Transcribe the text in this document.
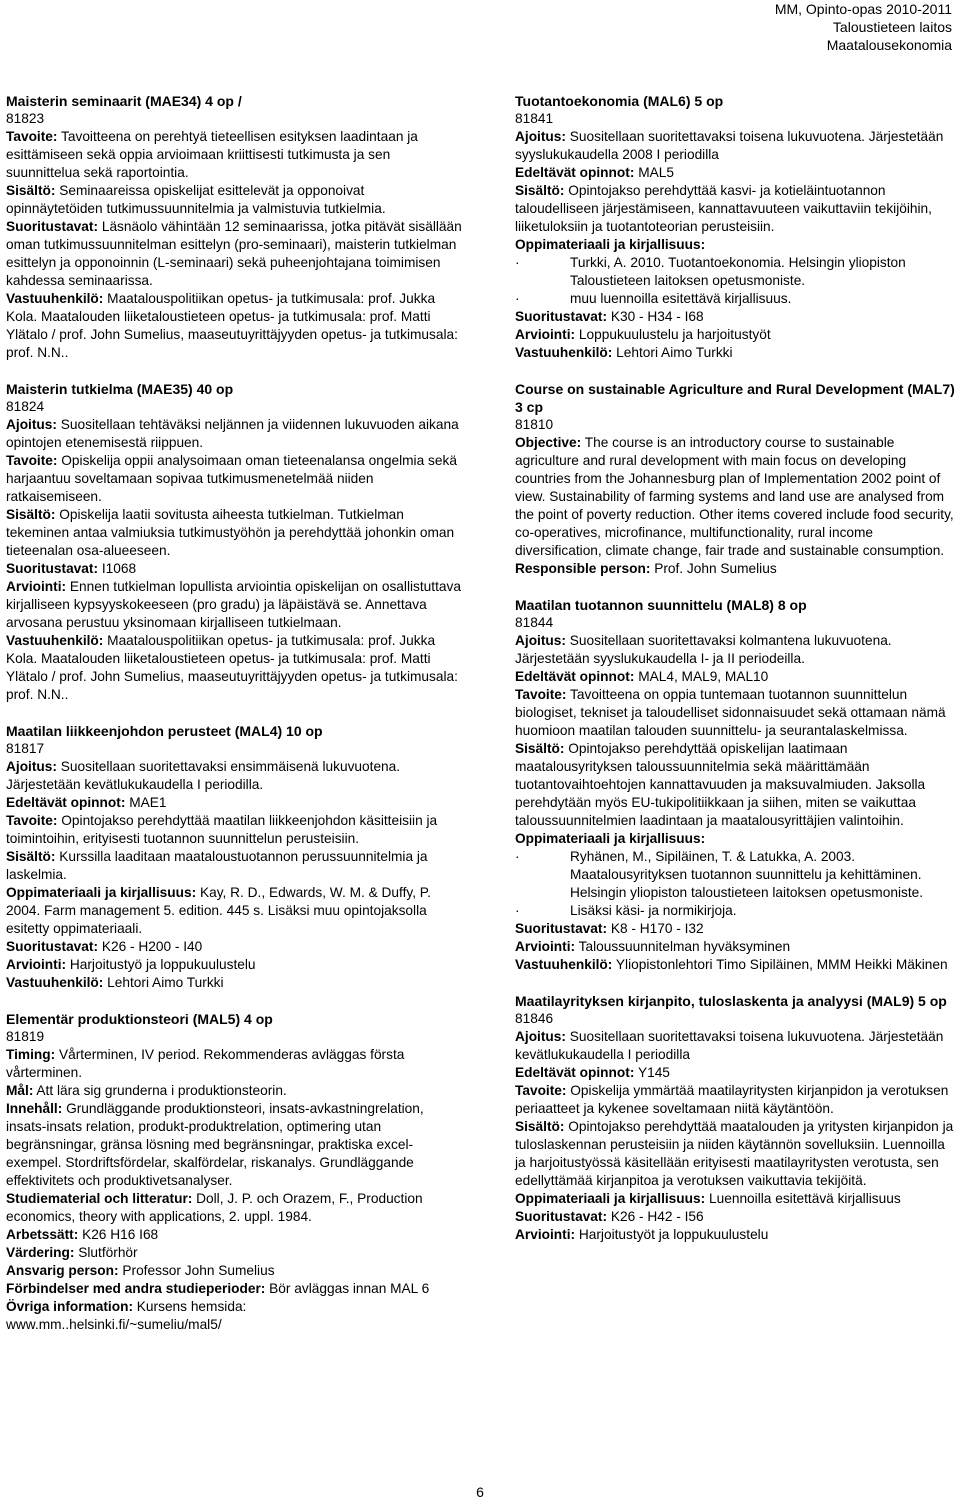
MM, Opinto-opas 2010-2011

Taloustieteen laitos

Maatalousekonomia

Maisterin seminaarit (MAE34) 4 op /

81823

Tavoite: Tavoitteena on perehtyä tieteellisen esityksen laadintaan ja esittämiseen sekä oppia arvioimaan kriittisesti tutkimusta ja sen suunnittelua sekä raportointia.

Sisältö: Seminaareissa opiskelijat esittelevät ja opponoivat opinnäytetöiden tutkimussuunnitelmia ja valmistuvia tutkielmia.

Suoritustavat: Läsnäolo vähintään 12 seminaarissa, jotka pitävät sisällään oman tutkimussuunnitelman esittelyn (pro-seminaari), maisterin tutkielman esittelyn ja opponoinnin (L-seminaari) sekä puheenjohtajana toimimisen kahdessa seminaarissa.

Vastuuhenkilö: Maatalouspolitiikan opetus- ja tutkimusala: prof. Jukka Kola. Maatalouden liiketaloustieteen opetus- ja tutkimusala: prof. Matti Ylätalo / prof. John Sumelius, maaseutuyrittäjyyden opetus- ja tutkimusala: prof. N.N..

Maisterin tutkielma (MAE35) 40 op

81824

Ajoitus: Suositellaan tehtäväksi neljännen ja viidennen lukuvuoden aikana opintojen etenemisestä riippuen.

Tavoite: Opiskelija oppii analysoimaan oman tieteenalansa ongelmia sekä harjaantuu soveltamaan sopivaa tutkimusmenetelmää niiden ratkaisemiseen.

Sisältö: Opiskelija laatii sovitusta aiheesta tutkielman. Tutkielman tekeminen antaa valmiuksia tutkimustyöhön ja perehdyttää johonkin oman tieteenalan osa-alueeseen.

Suoritustavat: I1068

Arviointi: Ennen tutkielman lopullista arviointia opiskelijan on osallistuttava kirjalliseen kypsyyskokeeseen (pro gradu) ja läpäistävä se. Annettava arvosana perustuu yksinomaan kirjalliseen tutkielmaan.

Vastuuhenkilö: Maatalouspolitiikan opetus- ja tutkimusala: prof. Jukka Kola. Maatalouden liiketaloustieteen opetus- ja tutkimusala: prof. Matti Ylätalo / prof. John Sumelius, maaseutuyrittäjyyden opetus- ja tutkimusala: prof. N.N..

Maatilan liikkeenjohdon perusteet (MAL4) 10 op

81817

Ajoitus: Suositellaan suoritettavaksi ensimmäisenä lukuvuotena. Järjestetään kevätlukukaudella I periodilla.

Edeltävät opinnot: MAE1

Tavoite: Opintojakso perehdyttää maatilan liikkeenjohdon käsitteisiin ja toimintoihin, erityisesti tuotannon suunnittelun perusteisiin.

Sisältö: Kurssilla laaditaan maataloustuotannon perussuunnitelmia ja laskelmia.

Oppimateriaali ja kirjallisuus: Kay, R. D., Edwards, W. M. & Duffy, P. 2004. Farm management 5. edition. 445 s. Lisäksi muu opintojaksolla esitetty oppimateriaali.

Suoritustavat: K26 - H200 - I40

Arviointi: Harjoitustyö ja loppukuulustelu

Vastuuhenkilö: Lehtori Aimo Turkki

Elementär produktionsteori (MAL5) 4 op

81819

Timing: Vårterminen, IV period. Rekommenderas avläggas första vårterminen.

Mål: Att lära sig grunderna i produktionsteorin.

Innehåll: Grundläggande produktionsteori, insats-avkastningrelation, insats-insats relation, produkt-produktrelation, optimering utan begränsningar, gränsa lösning med begränsningar, praktiska excel- exempel. Stordriftsfördelar, skalfördelar, riskanalys. Grundläggande effektivitets och produktivetsanalyser.

Studiematerial och litteratur: Doll, J. P. och Orazem, F., Production economics, theory with applications, 2. uppl. 1984.

Arbetssätt: K26 H16 I68

Värdering: Slutförhör

Ansvarig person: Professor John Sumelius

Förbindelser med andra studieperioder: Bör avläggas innan MAL 6

Övriga information: Kursens hemsida: www.mm..helsinki.fi/~sumeliu/mal5/

Tuotantoekonomia (MAL6) 5 op

81841

Ajoitus: Suositellaan suoritettavaksi toisena lukuvuotena. Järjestetään syyslukukaudella 2008 I periodilla

Edeltävät opinnot: MAL5

Sisältö: Opintojakso perehdyttää kasvi- ja kotieläintuotannon taloudelliseen järjestämiseen, kannattavuuteen vaikuttaviin tekijöihin, liiketuloksiin ja tuotantoteorian perusteisiin.

Oppimateriaali ja kirjallisuus:

·	Turkki, A. 2010. Tuotantoekonomia. Helsingin yliopiston Taloustieteen laitoksen opetusmoniste.
·	muu luennoilla esitettävä kirjallisuus.

Suoritustavat: K30 - H34 - I68

Arviointi: Loppukuulustelu ja harjoitustyöt

Vastuuhenkilö: Lehtori Aimo Turkki

Course on sustainable Agriculture and Rural Development (MAL7) 3 cp

81810

Objective: The course is an introductory course to sustainable agriculture and rural development with main focus on developing countries from the Johannesburg plan of Implementation 2002 point of view. Sustainability of farming systems and land use are analysed from the point of poverty reduction. Other items covered include food security, co-operatives, microfinance, multifunctionality, rural income diversification, climate change, fair trade and sustainable consumption.

Responsible person: Prof. John Sumelius

Maatilan tuotannon suunnittelu (MAL8) 8 op

81844

Ajoitus: Suositellaan suoritettavaksi kolmantena lukuvuotena. Järjestetään syyslukukaudella I- ja II periodeilla.

Edeltävät opinnot: MAL4, MAL9, MAL10

Tavoite: Tavoitteena on oppia tuntemaan tuotannon suunnittelun biologiset, tekniset ja taloudelliset sidonnaisuudet sekä ottamaan nämä huomioon maatilan talouden suunnittelu- ja seurantalaskelmissa.

Sisältö: Opintojakso perehdyttää opiskelijan laatimaan maatalousyrityksen taloussuunnitelmia sekä määrittämään tuotantovaihtoehtojen kannattavuuden ja maksuvalmiuden. Jaksolla perehdytään myös EU-tukipolitiikkaan ja siihen, miten se vaikuttaa taloussuunnitelmien laadintaan ja maatalousyrittäjien valintoihin.

Oppimateriaali ja kirjallisuus:

·	Ryhänen, M., Sipiläinen, T. & Latukka, A. 2003. Maatalousyrityksen tuotannon suunnittelu ja kehittäminen. Helsingin yliopiston taloustieteen laitoksen opetusmoniste.
·	Lisäksi käsi- ja normikirjoja.

Suoritustavat: K8 - H170 - I32

Arviointi: Taloussuunnitelman hyväksyminen

Vastuuhenkilö: Yliopistonlehtori Timo Sipiläinen, MMM Heikki Mäkinen

Maatilayrityksen kirjanpito, tuloslaskenta ja analyysi (MAL9) 5 op

81846

Ajoitus: Suositellaan suoritettavaksi toisena lukuvuotena. Järjestetään kevätlukukaudella I periodilla

Edeltävät opinnot: Y145

Tavoite: Opiskelija ymmärtää maatilayritysten kirjanpidon ja verotuksen periaatteet ja kykenee soveltamaan niitä käytäntöön.

Sisältö: Opintojakso perehdyttää maatalouden ja yritysten kirjanpidon ja tuloslaskennan perusteisiin ja niiden käytännön sovelluksiin. Luennoilla ja harjoitustyössä käsitellään erityisesti maatilayritysten verotusta, sen edellyttämää kirjanpitoa ja verotuksen vaikuttavia tekijöitä.

Oppimateriaali ja kirjallisuus: Luennoilla esitettävä kirjallisuus

Suoritustavat: K26 - H42 - I56

Arviointi: Harjoitustyöt ja loppukuulustelu

6
